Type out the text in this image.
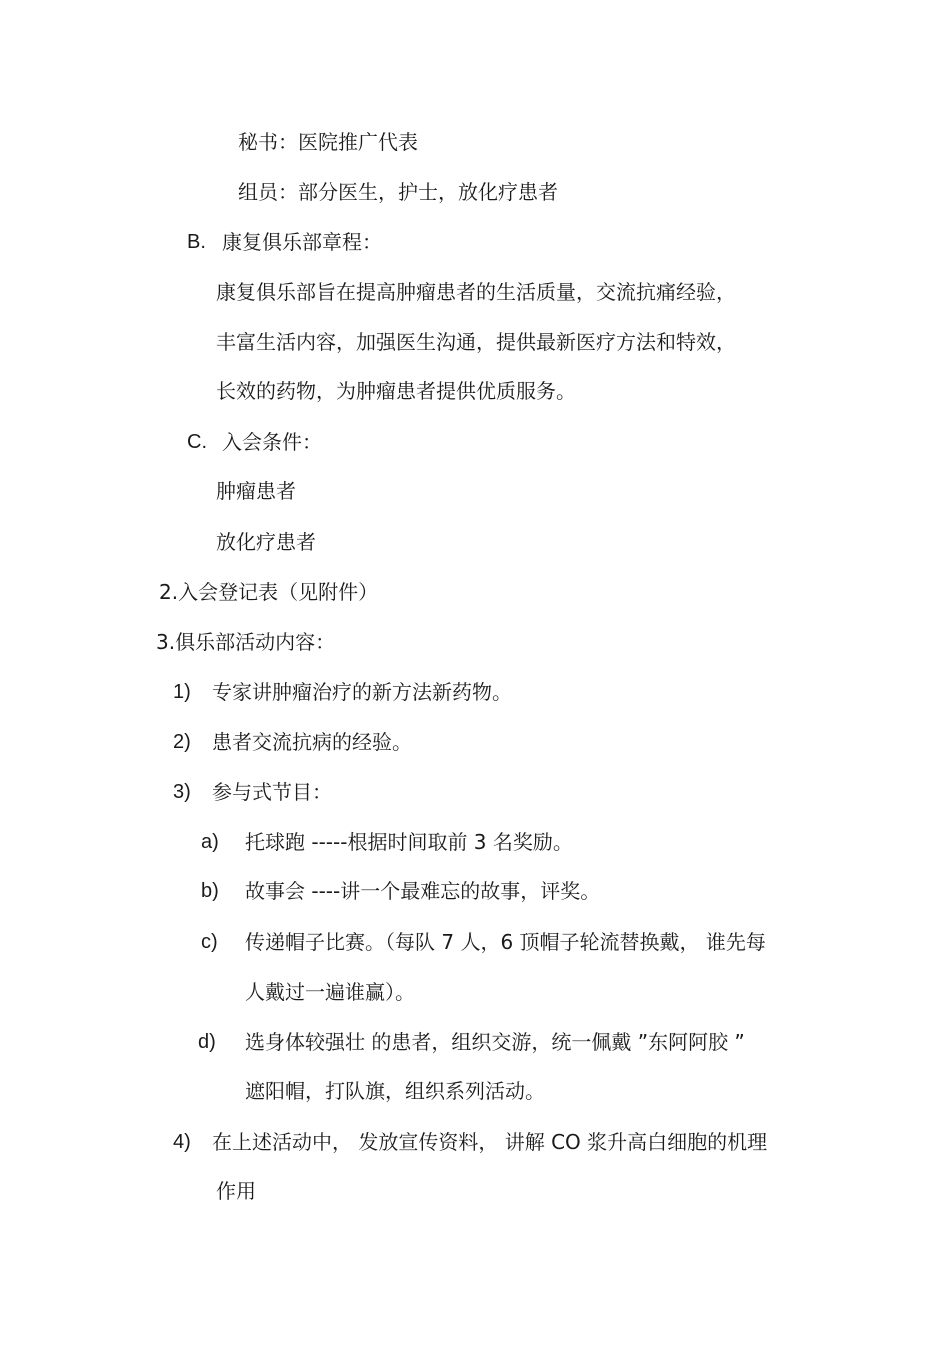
秘书：医院推广代表

组员：部分医生，护士，放化疗患者

B. 康复俱乐部章程：

康复俱乐部旨在提高肿瘤患者的生活质量，交流抗痛经验，

丰富生活内容，加强医生沟通，提供最新医疗方法和特效，

长效的药物，为肿瘤患者提供优质服务。

C. 入会条件：

肿瘤患者

放化疗患者

2.入会登记表（见附件）

3.俱乐部活动内容：

1) 专家讲肿瘤治疗的新方法新药物。

2) 患者交流抗病的经验。

3) 参与式节目：

a) 托球跑 -----根据时间取前 3 名奖励。

b) 故事会 ----讲一个最难忘的故事，评奖。

c) 传递帽子比赛。（每队 7 人，6 顶帽子轮流替换戴， 谁先每

人戴过一遍谁赢）。

d) 选身体较强壮 的患者，组织交游，统一佩戴 ”东阿阿胶 ”

遮阳帽，打队旗，组织系列活动。

4) 在上述活动中， 发放宣传资料， 讲解 CO 浆升高白细胞的机理

作用
